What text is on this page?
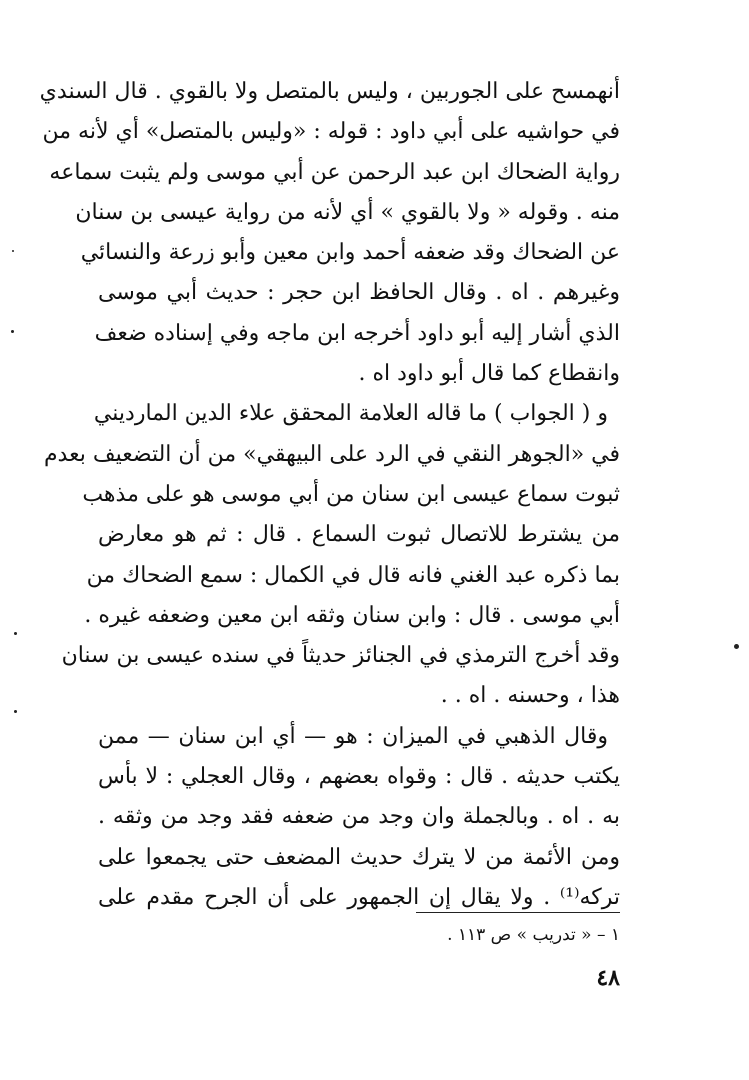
أنهمسح على الجوربين ، وليس بالمتصل ولا بالقوي . قال السندي
في حواشيه على أبي داود : قوله : «وليس بالمتصل» أي لأنه من
رواية الضحاك ابن عبد الرحمن عن أبي موسى ولم يثبت سماعه
منه . وقوله « ولا بالقوي » أي لأنه من رواية عيسى بن سنان
عن الضحاك وقد ضعفه أحمد وابن معين وأبو زرعة والنسائي
وغيرهم . اه . وقال الحافظ ابن حجر : حديث أبي موسى
الذي أشار إليه أبو داود أخرجه ابن ماجه وفي إسناده ضعف
وانقطاع كما قال أبو داود اه .
و ( الجواب ) ما قاله العلامة المحقق علاء الدين المارديني
في «الجوهر النقي في الرد على البيهقي» من أن التضعيف بعدم
ثبوت سماع عيسى ابن سنان من أبي موسى هو على مذهب
من يشترط للاتصال ثبوت السماع . قال : ثم هو معارض
بما ذكره عبد الغني فانه قال في الكمال : سمع الضحاك من
أبي موسى . قال : وابن سنان وثقه ابن معين وضعفه غيره .
وقد أخرج الترمذي في الجنائز حديثاً في سنده عيسى بن سنان
هذا ، وحسنه . اه . .
وقال الذهبي في الميزان : هو — أي ابن سنان — ممن
يكتب حديثه . قال : وقواه بعضهم ، وقال العجلي : لا بأس
به . اه . وبالجملة وان وجد من ضعفه فقد وجد من وثقه .
ومن الأئمة من لا يترك حديث المضعف حتى يجمعوا على
تركه⁽¹⁾ . ولا يقال إن الجمهور على أن الجرح مقدم على
١ – « تدريب » ص ١١٣ .
٤٨
